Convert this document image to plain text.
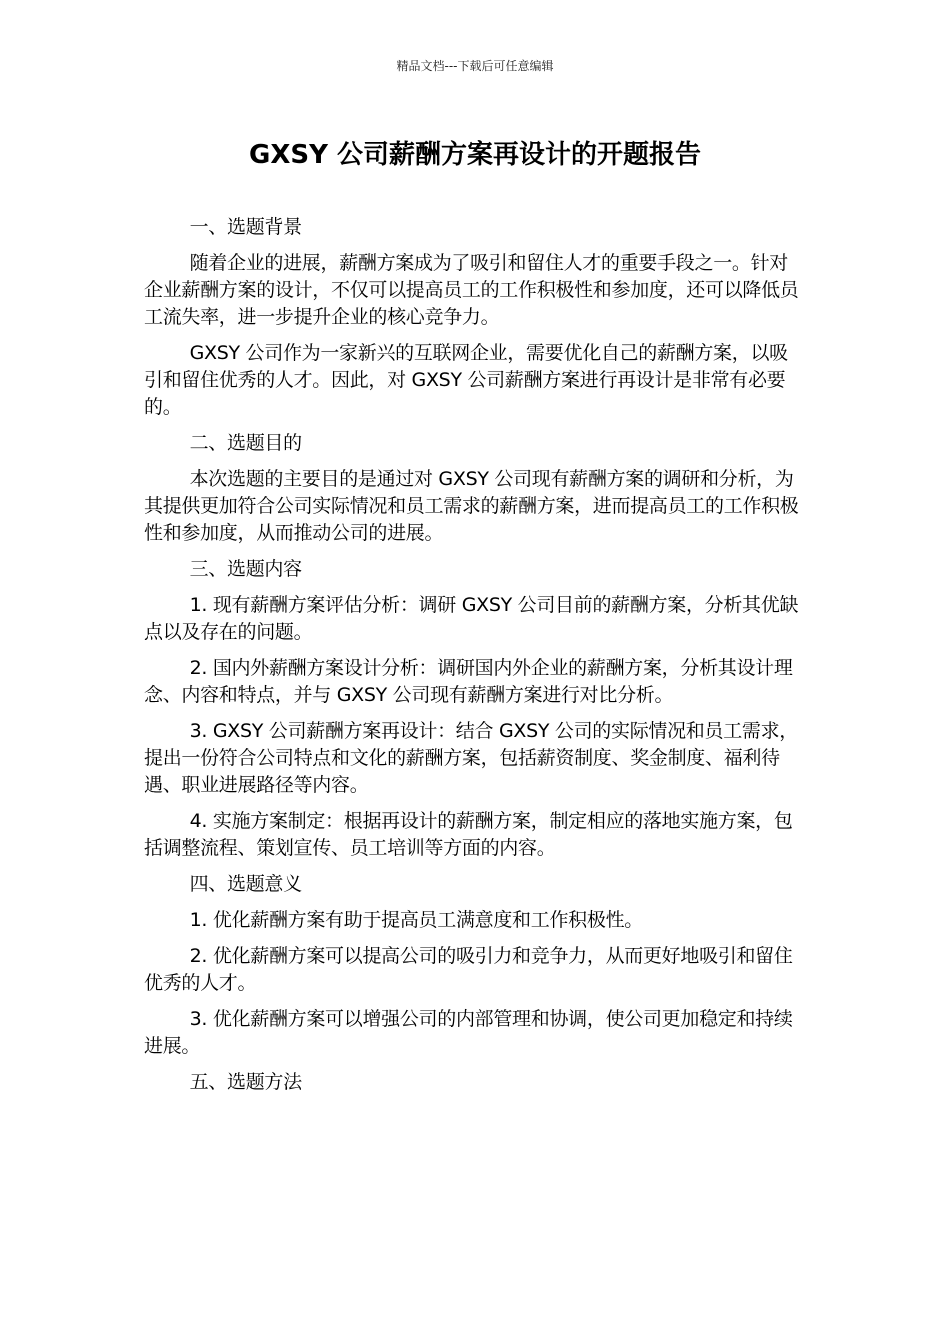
精品文档---下载后可任意编辑
GXSY 公司薪酬方案再设计的开题报告

一、选题背景

随着企业的进展，薪酬方案成为了吸引和留住人才的重要手段之一。针对企业薪酬方案的设计，不仅可以提高员工的工作积极性和参加度，还可以降低员工流失率，进一步提升企业的核心竞争力。

GXSY 公司作为一家新兴的互联网企业，需要优化自己的薪酬方案，以吸引和留住优秀的人才。因此，对 GXSY 公司薪酬方案进行再设计是非常有必要的。

二、选题目的

本次选题的主要目的是通过对 GXSY 公司现有薪酬方案的调研和分析，为其提供更加符合公司实际情况和员工需求的薪酬方案，进而提高员工的工作积极性和参加度，从而推动公司的进展。

三、选题内容

1. 现有薪酬方案评估分析：调研 GXSY 公司目前的薪酬方案，分析其优缺点以及存在的问题。

2. 国内外薪酬方案设计分析：调研国内外企业的薪酬方案，分析其设计理念、内容和特点，并与 GXSY 公司现有薪酬方案进行对比分析。

3. GXSY 公司薪酬方案再设计：结合 GXSY 公司的实际情况和员工需求，提出一份符合公司特点和文化的薪酬方案，包括薪资制度、奖金制度、福利待遇、职业进展路径等内容。

4. 实施方案制定：根据再设计的薪酬方案，制定相应的落地实施方案，包括调整流程、策划宣传、员工培训等方面的内容。

四、选题意义

1. 优化薪酬方案有助于提高员工满意度和工作积极性。

2. 优化薪酬方案可以提高公司的吸引力和竞争力，从而更好地吸引和留住优秀的人才。

3. 优化薪酬方案可以增强公司的内部管理和协调，使公司更加稳定和持续进展。

五、选题方法
